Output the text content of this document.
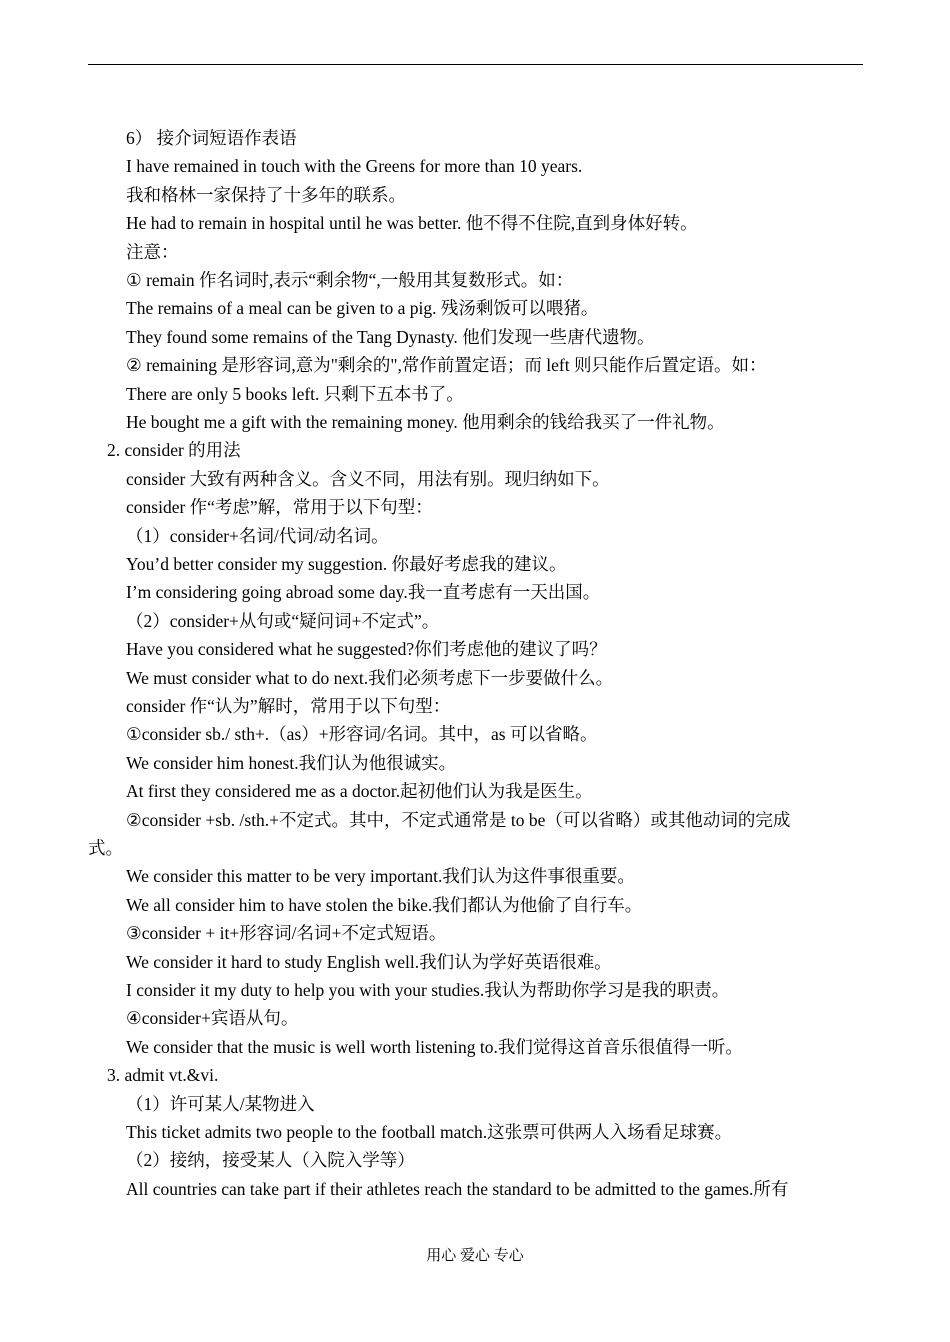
6） 接介词短语作表语
I have remained in touch with the Greens for more than 10 years.
我和格林一家保持了十多年的联系。
He had to remain in hospital until he was better. 他不得不住院,直到身体好转。
注意：
① remain 作名词时,表示“剩余物“,一般用其复数形式。如：
The remains of a meal can be given to a pig. 残汤剩饭可以喂猪。
They found some remains of the Tang Dynasty. 他们发现一些唐代遗物。
② remaining 是形容词,意为"剩余的",常作前置定语；而 left 则只能作后置定语。如：
There are only 5 books left. 只剩下五本书了。
He bought me a gift with the remaining money. 他用剩余的钱给我买了一件礼物。
2. consider 的用法
consider 大致有两种含义。含义不同，用法有别。现归纳如下。
consider 作“考虑”解，常用于以下句型：
（1）consider+名词/代词/动名词。
You’d better consider my suggestion. 你最好考虑我的建议。
I’m considering going abroad some day.我一直考虑有一天出国。
（2）consider+从句或“疑问词+不定式”。
Have you considered what he suggested?你们考虑他的建议了吗？
We must consider what to do next.我们必须考虑下一步要做什么。
consider 作“认为”解时，常用于以下句型：
①consider sb./ sth+.（as）+形容词/名词。其中，as 可以省略。
We consider him honest.我们认为他很诚实。
At first they considered me as a doctor.起初他们认为我是医生。
②consider +sb. /sth.+不定式。其中，不定式通常是 to be（可以省略）或其他动词的完成
式。
We consider this matter to be very important.我们认为这件事很重要。
We all consider him to have stolen the bike.我们都认为他偷了自行车。
③consider + it+形容词/名词+不定式短语。
We consider it hard to study English well.我们认为学好英语很难。
I consider it my duty to help you with your studies.我认为帮助你学习是我的职责。
④consider+宾语从句。
We consider that the music is well worth listening to.我们觉得这首音乐很值得一听。
3. admit vt.&vi.
（1）许可某人/某物进入
This ticket admits two people to the football match.这张票可供两人入场看足球赛。
（2）接纳，接受某人（入院入学等）
All countries can take part if their athletes reach the standard to be admitted to the games.所有
用心 爱心 专心
